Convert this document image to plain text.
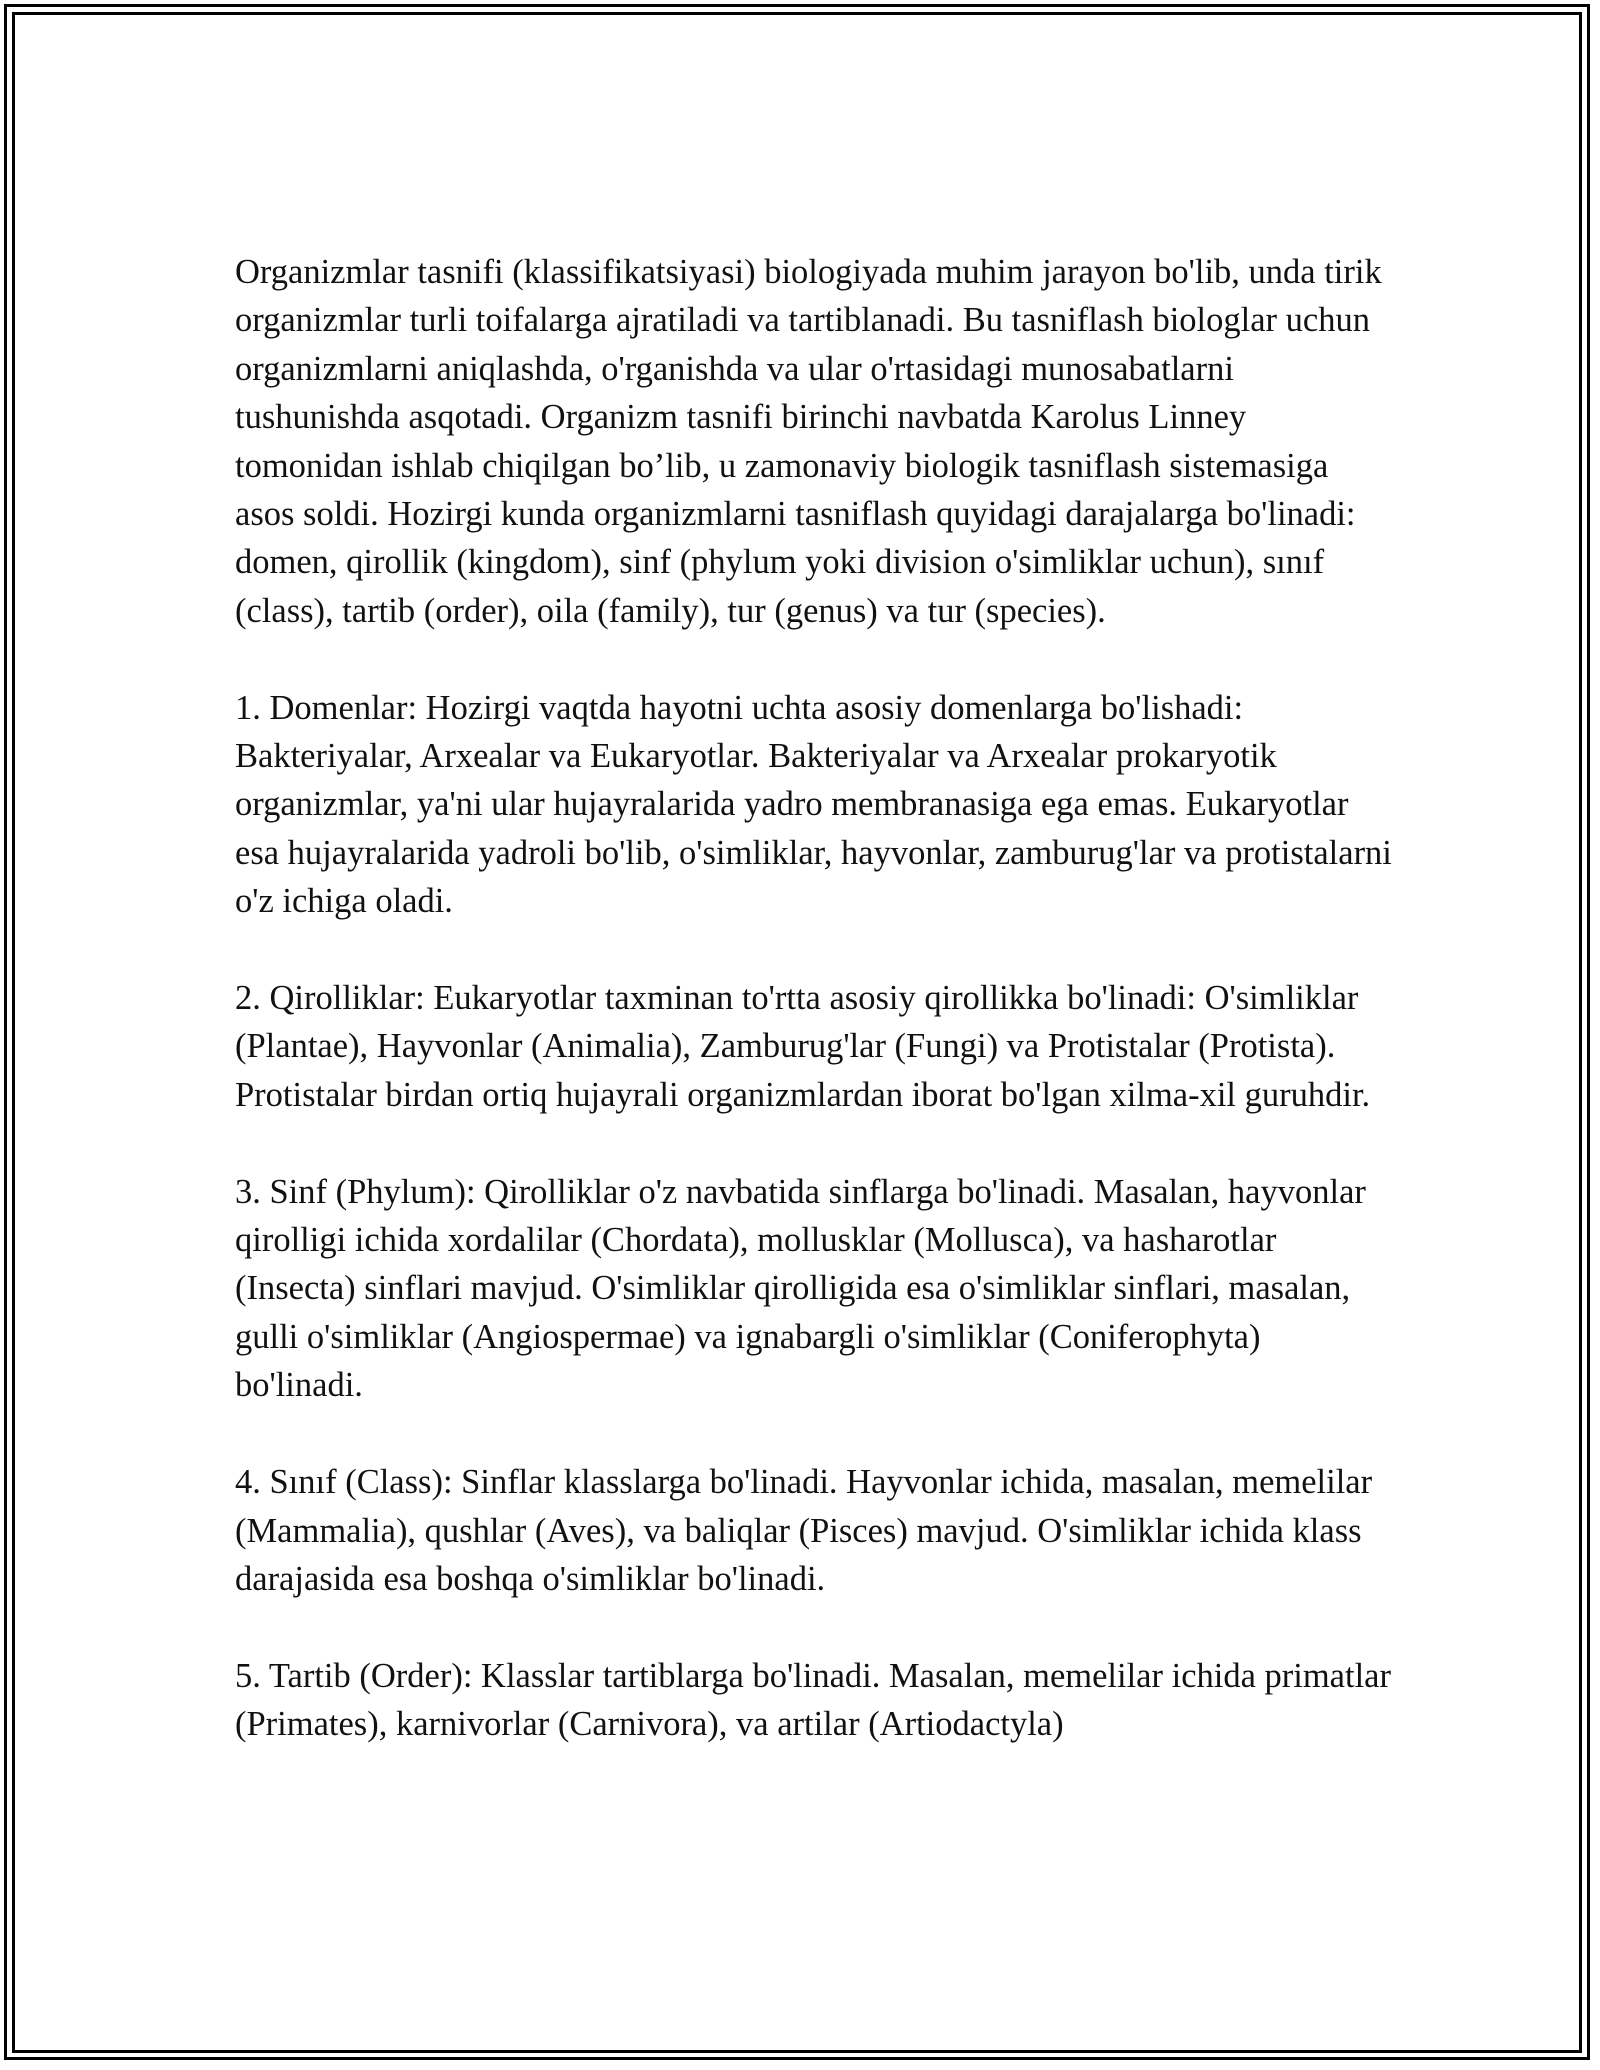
Organizmlar tasnifi (klassifikatsiyasi) biologiyada muhim jarayon bo'lib, unda tirik organizmlar turli toifalarga ajratiladi va tartiblanadi. Bu tasniflash biologlar uchun organizmlarni aniqlashda, o'rganishda va ular o'rtasidagi munosabatlarni tushunishda asqotadi. Organizm tasnifi birinchi navbatda Karolus Linney tomonidan ishlab chiqilgan bo’lib, u zamonaviy biologik tasniflash sistemasiga asos soldi. Hozirgi kunda organizmlarni tasniflash quyidagi darajalarga bo'linadi: domen, qirollik (kingdom), sinf (phylum yoki division o'simliklar uchun), sınıf (class), tartib (order), oila (family), tur (genus) va tur (species).

1. Domenlar: Hozirgi vaqtda hayotni uchta asosiy domenlarga bo'lishadi: Bakteriyalar, Arxealar va Eukaryotlar. Bakteriyalar va Arxealar prokaryotik organizmlar, ya'ni ular hujayralarida yadro membranasiga ega emas. Eukaryotlar esa hujayralarida yadroli bo'lib, o'simliklar, hayvonlar, zamburug'lar va protistalarni o'z ichiga oladi.

2. Qirolliklar: Eukaryotlar taxminan to'rtta asosiy qirollikka bo'linadi: O'simliklar (Plantae), Hayvonlar (Animalia), Zamburug'lar (Fungi) va Protistalar (Protista). Protistalar birdan ortiq hujayrali organizmlardan iborat bo'lgan xilma-xil guruhdir.

3. Sinf (Phylum): Qirolliklar o'z navbatida sinflarga bo'linadi. Masalan, hayvonlar qirolligi ichida xordalilar (Chordata), mollusklar (Mollusca), va hasharotlar (Insecta) sinflari mavjud. O'simliklar qirolligida esa o'simliklar sinflari, masalan, gulli o'simliklar (Angiospermae) va ignabargli o'simliklar (Coniferophyta) bo'linadi.

4. Sınıf (Class): Sinflar klasslarga bo'linadi. Hayvonlar ichida, masalan, memelilar (Mammalia), qushlar (Aves), va baliqlar (Pisces) mavjud. O'simliklar ichida klass darajasida esa boshqa o'simliklar bo'linadi.

5. Tartib (Order): Klasslar tartiblarga bo'linadi. Masalan, memelilar ichida primatlar (Primates), karnivorlar (Carnivora), va artilar (Artiodactyla)
